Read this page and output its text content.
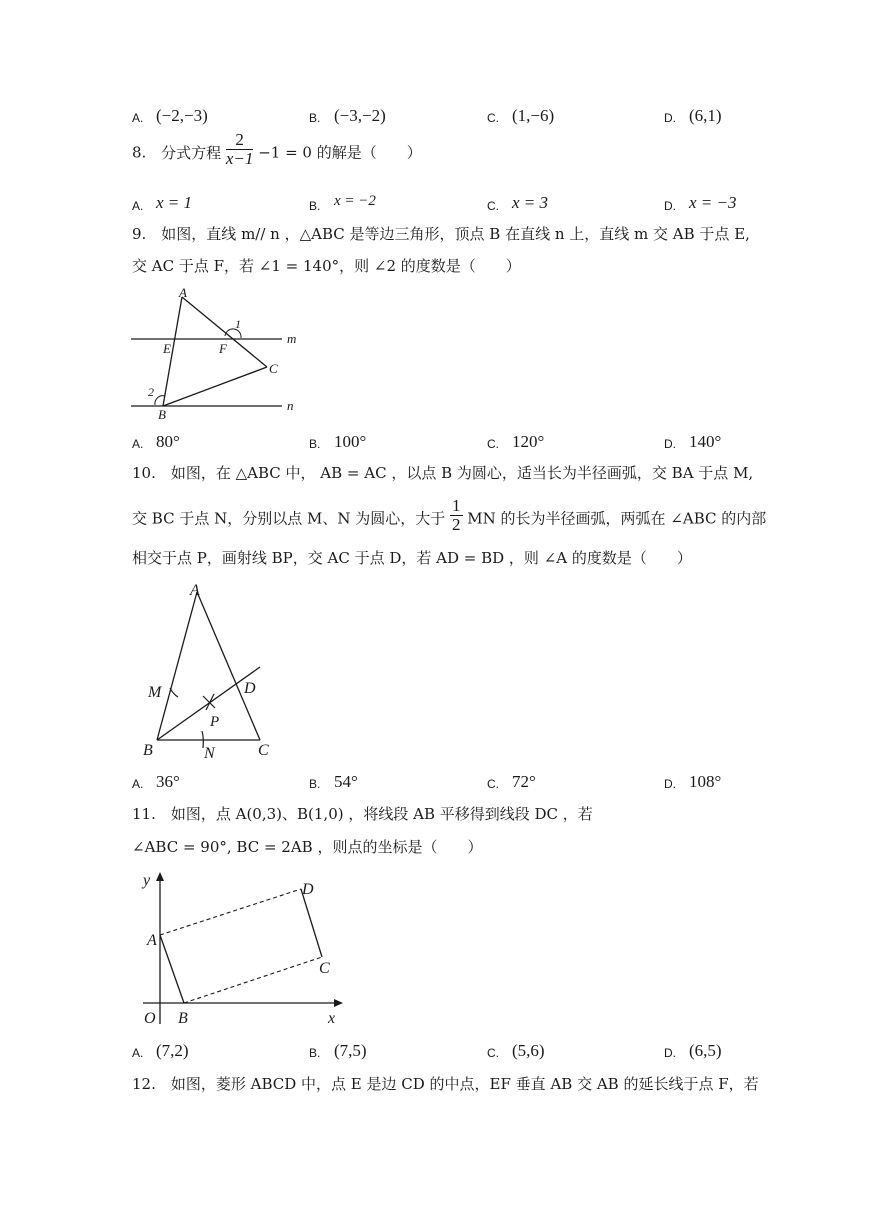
A. (−2,−3)	B. (−3,−2)	C. (1,−6)	D. (6,1)
8. 分式方程 $\frac{2}{x-1} -1 = 0$ 的解是（　　）
A. x = 1	B. x = −2	C. x = 3	D. x = −3
9.　如图，直线 m// n ，△ABC 是等边三角形，顶点 B 在直线 n 上，直线 m 交 AB 于点 E,
交 AC 于点 F，若 ∠1 = 140°，则 ∠2 的度数是（　　）
A
E	F
C
B
m
n
1
2
A. 80°	B. 100°	C. 120°	D. 140°
10.　如图，在 △ABC 中， AB = AC ，以点 B 为圆心，适当长为半径画弧，交 BA 于点 M,
交 BC 于点 N，分别以点 M、N 为圆心，大于 $\frac{1}{2}$ MN 的长为半径画弧，两弧在 ∠ABC 的内部
相交于点 P，画射线 BP，交 AC 于点 D，若 AD = BD ，则 ∠A 的度数是（　　）
A
M	D
P
B	N	C
A. 36°	B. 54°	C. 72°	D. 108°
11.　如图，点 A(0,3)、B(1,0) ，将线段 AB 平移得到线段 DC ，若
∠ABC = 90°, BC = 2AB ，则点的坐标是（　　）
y
x
O
A
B
C
D
A. (7,2)	B. (7,5)	C. (5,6)	D. (6,5)
12.　如图，菱形 ABCD 中，点 E 是边 CD 的中点，EF 垂直 AB 交 AB 的延长线于点 F，若
